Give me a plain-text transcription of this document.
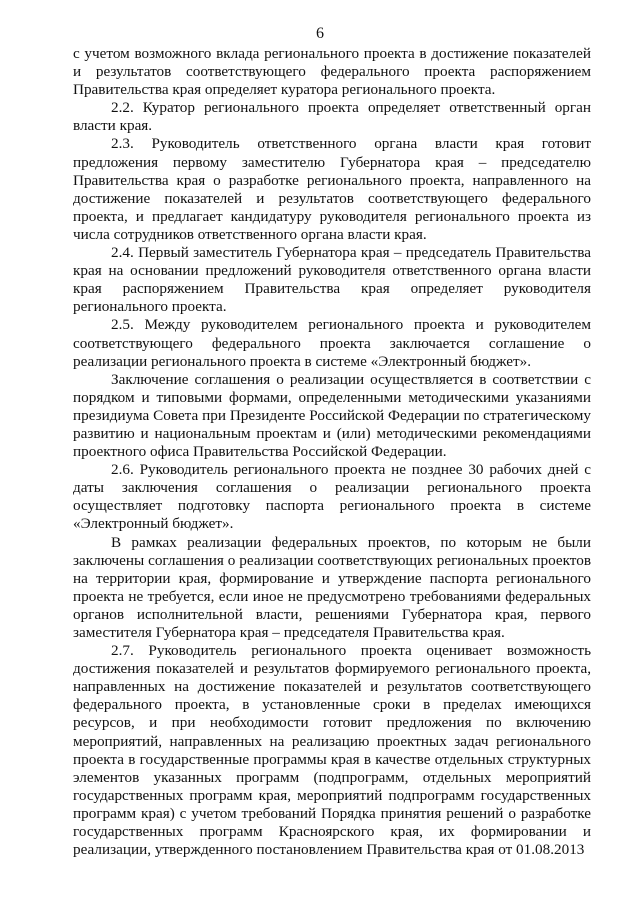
6

с учетом возможного вклада регионального проекта в достижение показателей и результатов соответствующего федерального проекта распоряжением Правительства края определяет куратора регионального проекта.

2.2. Куратор регионального проекта определяет ответственный орган власти края.

2.3. Руководитель ответственного органа власти края готовит предложения первому заместителю Губернатора края – председателю Правительства края о разработке регионального проекта, направленного на достижение показателей и результатов соответствующего федерального проекта, и предлагает кандидатуру руководителя регионального проекта из числа сотрудников ответственного органа власти края.

2.4. Первый заместитель Губернатора края – председатель Правительства края на основании предложений руководителя ответственного органа власти края распоряжением Правительства края определяет руководителя регионального проекта.

2.5. Между руководителем регионального проекта и руководителем соответствующего федерального проекта заключается соглашение о реализации регионального проекта в системе «Электронный бюджет».

Заключение соглашения о реализации осуществляется в соответствии с порядком и типовыми формами, определенными методическими указаниями президиума Совета при Президенте Российской Федерации по стратегическому развитию и национальным проектам и (или) методическими рекомендациями проектного офиса Правительства Российской Федерации.

2.6. Руководитель регионального проекта не позднее 30 рабочих дней с даты заключения соглашения о реализации регионального проекта осуществляет подготовку паспорта регионального проекта в системе «Электронный бюджет».

В рамках реализации федеральных проектов, по которым не были заключены соглашения о реализации соответствующих региональных проектов на территории края, формирование и утверждение паспорта регионального проекта не требуется, если иное не предусмотрено требованиями федеральных органов исполнительной власти, решениями Губернатора края, первого заместителя Губернатора края – председателя Правительства края.

2.7. Руководитель регионального проекта оценивает возможность достижения показателей и результатов формируемого регионального проекта, направленных на достижение показателей и результатов соответствующего федерального проекта, в установленные сроки в пределах имеющихся ресурсов, и при необходимости готовит предложения по включению мероприятий, направленных на реализацию проектных задач регионального проекта в государственные программы края в качестве отдельных структурных элементов указанных программ (подпрограмм, отдельных мероприятий государственных программ края, мероприятий подпрограмм государственных программ края) с учетом требований Порядка принятия решений о разработке государственных программ Красноярского края, их формировании и реализации, утвержденного постановлением Правительства края от 01.08.2013
